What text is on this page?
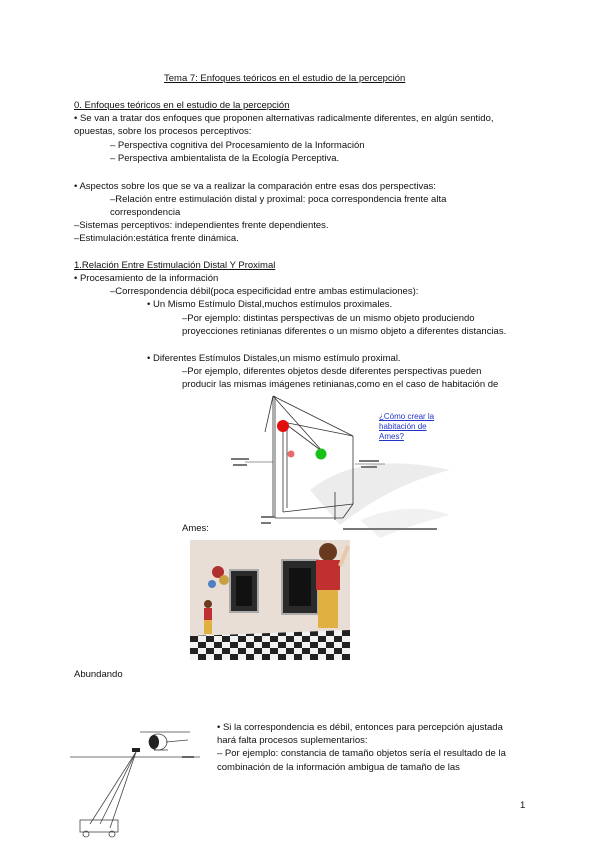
Tema 7: Enfoques teóricos en el estudio de la percepción
0. Enfoques teóricos en el estudio de la percepción
• Se van a tratar dos enfoques que proponen alternativas radicalmente diferentes, en algún sentido,
opuestas, sobre los procesos perceptivos:
– Perspectiva cognitiva del Procesamiento de la Información
– Perspectiva ambientalista de la Ecología Perceptiva.
• Aspectos sobre los que se va a realizar la comparación entre esas dos perspectivas:
–Relación entre estimulación distal y proximal: poca correspondencia frente alta
correspondencia
–Sistemas perceptivos: independientes frente dependientes.
–Estimulación:estática frente dinámica.
1.Relación Entre Estimulación Distal Y Proximal
• Procesamiento de la información
–Correspondencia débil(poca especificidad entre ambas estimulaciones):
• Un Mismo Estímulo Distal,muchos estímulos proximales.
–Por ejemplo: distintas perspectivas de un mismo objeto produciendo
proyecciones retinianas diferentes o un mismo objeto a diferentes distancias.
• Diferentes Estímulos Distales,un mismo estímulo proximal.
–Por ejemplo, diferentes objetos desde diferentes perspectivas pueden
producir las mismas imágenes retinianas,como en el caso de habitación de
¿Cómo crear la habitación de Ames?
Ames:
Abundando
• Si la correspondencia es débil, entonces para percepción ajustada
hará falta procesos suplementarios:
– Por ejemplo: constancia de tamaño objetos sería el resultado de la
combinación de la información ambigua de tamaño de las
1
